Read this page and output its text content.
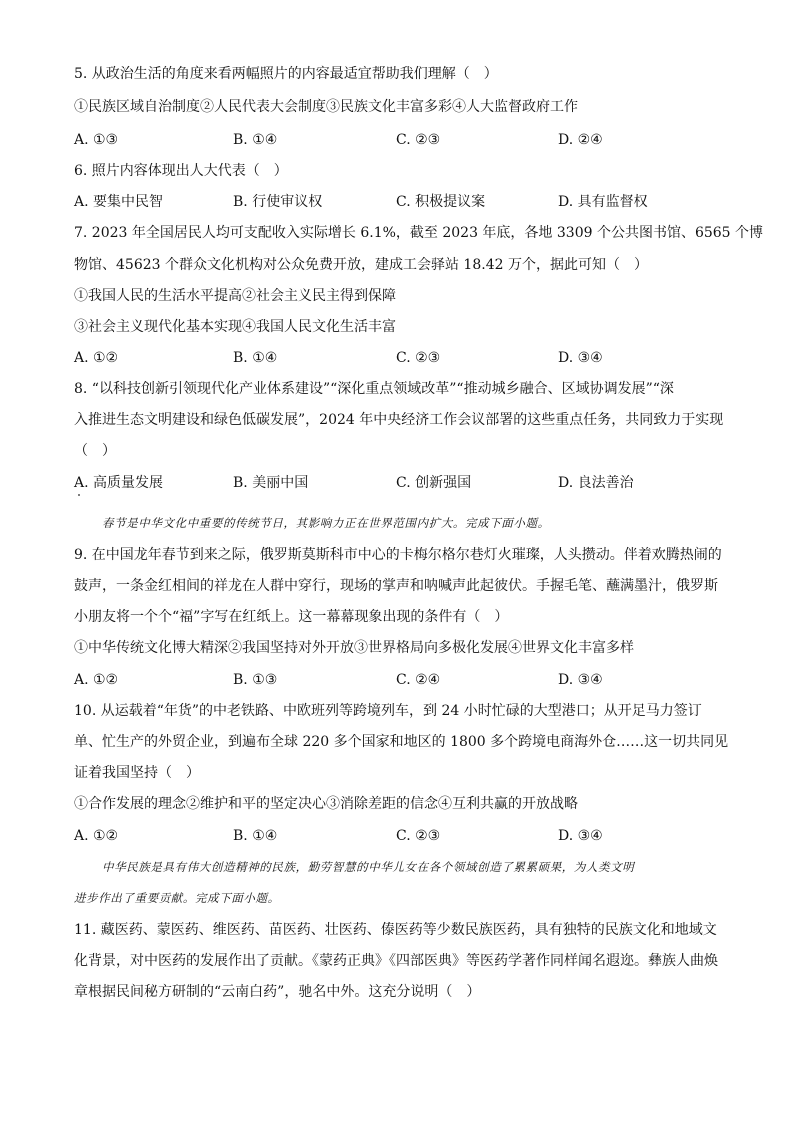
5. 从政治生活的角度来看两幅照片的内容最适宜帮助我们理解（　）
①民族区域自治制度②人民代表大会制度③民族文化丰富多彩④人大监督政府工作
A. ①③	B. ①④	C. ②③	D. ②④
6. 照片内容体现出人大代表（　）
A. 要集中民智	B. 行使审议权	C. 积极提议案	D. 具有监督权
7. 2023 年全国居民人均可支配收入实际增长 6.1%，截至 2023 年底，各地 3309 个公共图书馆、6565 个博
物馆、45623 个群众文化机构对公众免费开放，建成工会驿站 18.42 万个，据此可知（　）
①我国人民的生活水平提高②社会主义民主得到保障
③社会主义现代化基本实现④我国人民文化生活丰富
A. ①②	B. ①④	C. ②③	D. ③④
8. “以科技创新引领现代化产业体系建设”“深化重点领域改革”“推动城乡融合、区域协调发展”“深
入推进生态文明建设和绿色低碳发展”，2024 年中央经济工作会议部署的这些重点任务，共同致力于实现
（　）
A. 高质量发展	B. 美丽中国	C. 创新强国	D. 良法善治
春节是中华文化中重要的传统节日，其影响力正在世界范围内扩大。完成下面小题。
9. 在中国龙年春节到来之际，俄罗斯莫斯科市中心的卡梅尔格尔巷灯火璀璨，人头攒动。伴着欢腾热闹的
鼓声，一条金红相间的祥龙在人群中穿行，现场的掌声和呐喊声此起彼伏。手握毛笔、蘸满墨汁，俄罗斯
小朋友将一个个“福”字写在红纸上。这一幕幕现象出现的条件有（　）
①中华传统文化博大精深②我国坚持对外开放③世界格局向多极化发展④世界文化丰富多样
A. ①②	B. ①③	C. ②④	D. ③④
10. 从运载着“年货”的中老铁路、中欧班列等跨境列车，到 24 小时忙碌的大型港口；从开足马力签订
单、忙生产的外贸企业，到遍布全球 220 多个国家和地区的 1800 多个跨境电商海外仓……这一切共同见
证着我国坚持（　）
①合作发展的理念②维护和平的坚定决心③消除差距的信念④互利共赢的开放战略
A. ①②	B. ①④	C. ②③	D. ③④
中华民族是具有伟大创造精神的民族，勤劳智慧的中华儿女在各个领域创造了累累硕果，为人类文明
进步作出了重要贡献。完成下面小题。
11. 藏医药、蒙医药、维医药、苗医药、壮医药、傣医药等少数民族医药，具有独特的民族文化和地域文
化背景，对中医药的发展作出了贡献。《蒙药正典》《四部医典》等医药学著作同样闻名遐迩。彝族人曲焕
章根据民间秘方研制的“云南白药”，驰名中外。这充分说明（　）
